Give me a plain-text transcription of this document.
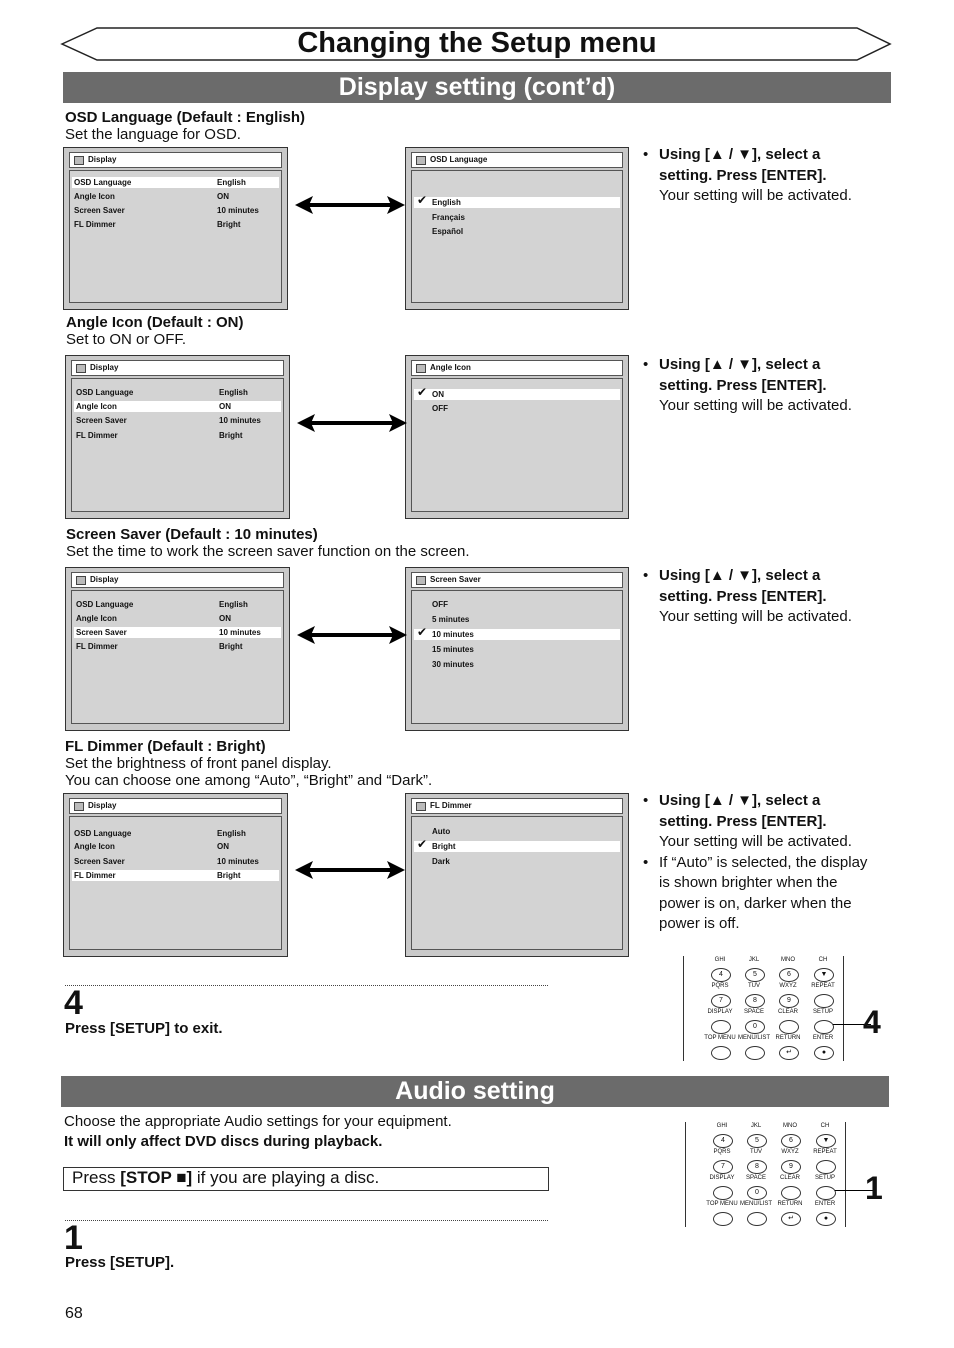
Changing the Setup menu
Display setting (cont’d)
OSD Language (Default : English)
Set the language for OSD.
Angle Icon (Default : ON)
Set to ON or OFF.
Screen Saver (Default : 10 minutes)
Set the time to work the screen saver function on the screen.
FL Dimmer (Default : Bright)
Set the brightness of front panel display.
You can choose one among “Auto”, “Bright” and “Dark”.
Display
OSD Language	English
Angle Icon	ON
Screen Saver	10 minutes
FL Dimmer	Bright
OSD Language
✔ English
Français
Español
Display
OSD Language	English
Angle Icon	ON
Screen Saver	10 minutes
FL Dimmer	Bright
Angle Icon
✔ ON
OFF
Display
OSD Language	English
Angle Icon	ON
Screen Saver	10 minutes
FL Dimmer	Bright
Screen Saver
OFF
5 minutes
✔ 10 minutes
15 minutes
30 minutes
Display
OSD Language	English
Angle Icon	ON
Screen Saver	10 minutes
FL Dimmer	Bright
FL Dimmer
Auto
✔ Bright
Dark
• Using [▲ / ▼], select a setting. Press [ENTER].
Your setting will be activated.
• Using [▲ / ▼], select a setting. Press [ENTER].
Your setting will be activated.
• Using [▲ / ▼], select a setting. Press [ENTER].
Your setting will be activated.
• Using [▲ / ▼], select a setting. Press [ENTER].
Your setting will be activated.
• If “Auto” is selected, the display is shown brighter when the power is on, darker when the power is off.
4
Press [SETUP] to exit.
Audio setting
Choose the appropriate Audio settings for your equipment.
It will only affect DVD discs during playback.
Press [STOP ■] if you are playing a disc.
1
Press [SETUP].
68
GHI
4
JKL
5
MNO
6
CH
▼
PQRS
7
TUV
8
WXYZ
9
REPEAT
DISPLAY	SPACE
0
CLEAR	SETUP
TOP MENU MENU/LIST RETURN
↵
ENTER
●
4
GHI
4
JKL
5
MNO
6
CH
▼
PQRS
7
TUV
8
WXYZ
9
REPEAT
DISPLAY	SPACE
0
CLEAR	SETUP
TOP MENU MENU/LIST RETURN
↵
ENTER
●
1
